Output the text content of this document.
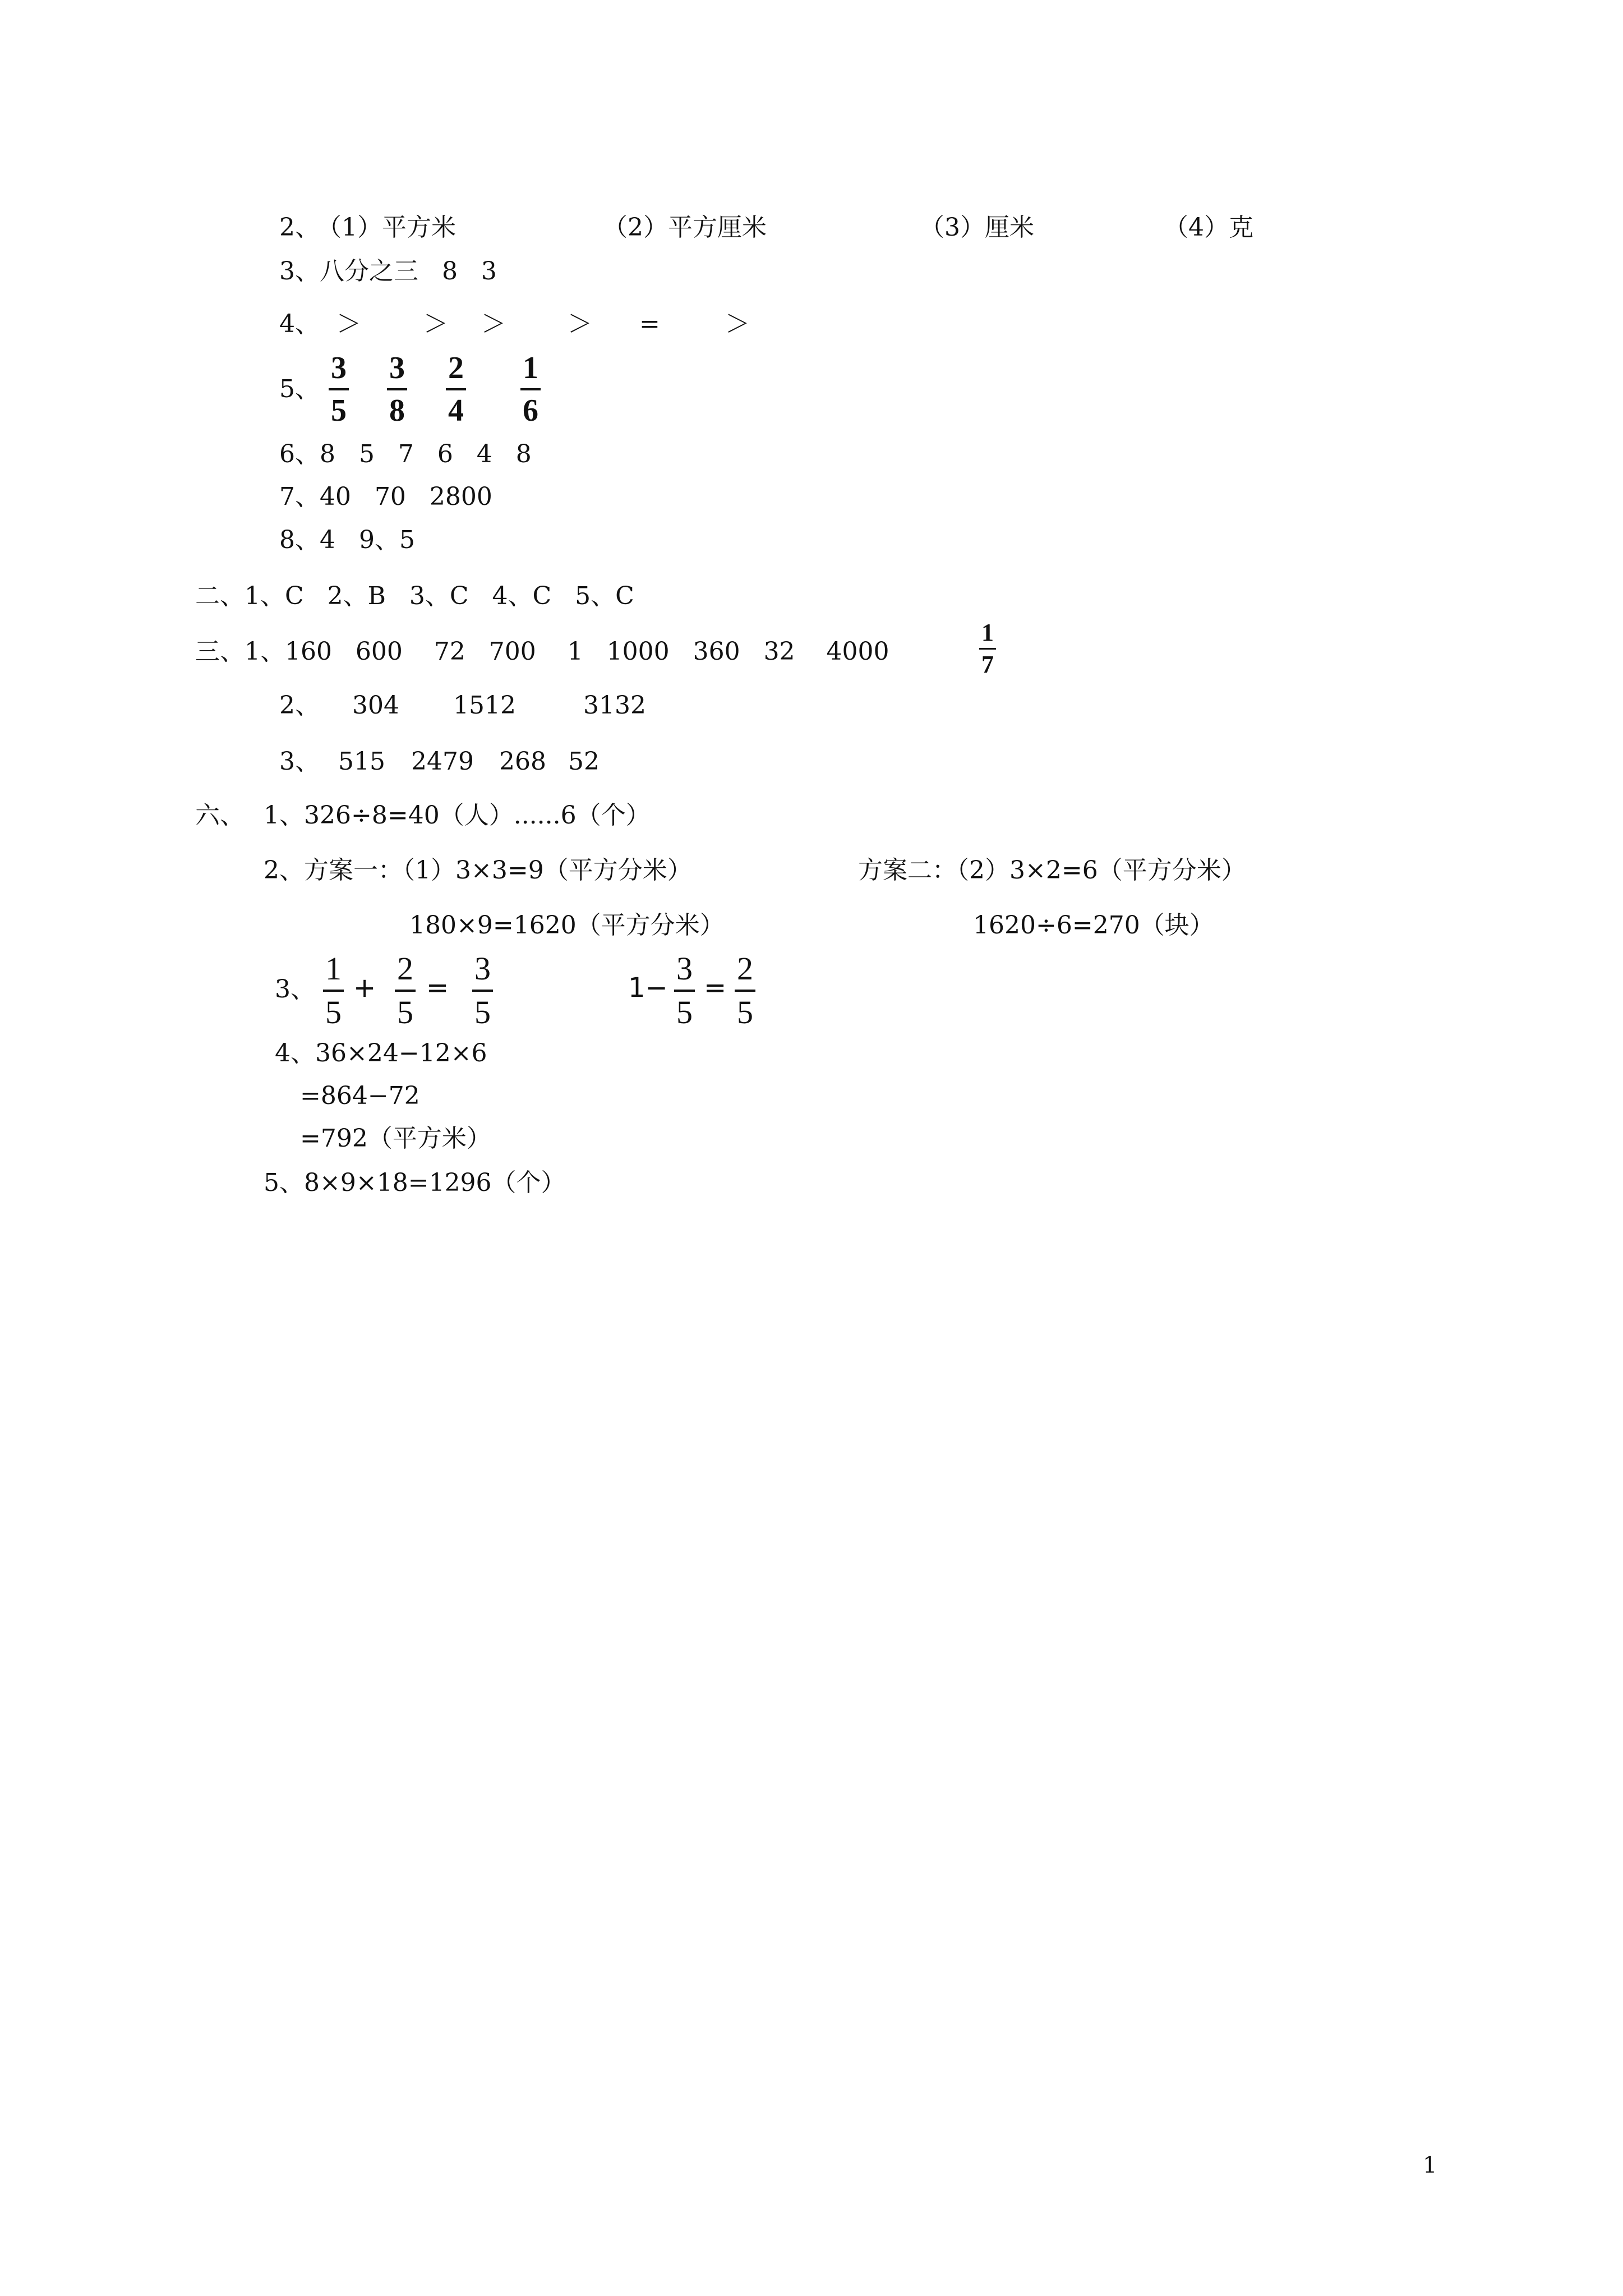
2、
（1）平方米	（2）平方厘米	（3）厘米	（4）克
3、八分之三   8   3
4、 ＞	＞ ＞	＞ =	＞
5、 $\frac{3}{5} \frac{3}{8} \frac{2}{4} \frac{1}{6}$
6、8   5   7   6   4   8
7、40   70   2800
8、4   9、5
二、1、C   2、B   3、C   4、C   5、C
三、1、160   600    72   700    1   1000   360   32    4000	$\frac{1}{7}$
2、 304 1512	3132
3、 515 2479 268 52
六、 1、326÷8=40（人）......6（个）
2、方案一：（1）3×3=9（平方分米）	方案二：（2）3×2=6（平方分米）
180×9=1620（平方分米）	1620÷6=270（块）
3、 $\frac{1}{5} + \frac{2}{5} = \frac{3}{5}$	$1- \frac{3}{5} = \frac{2}{5}$
4、36×24−12×6
=864−72
=792（平方米）
5、8×9×18=1296（个）
1
